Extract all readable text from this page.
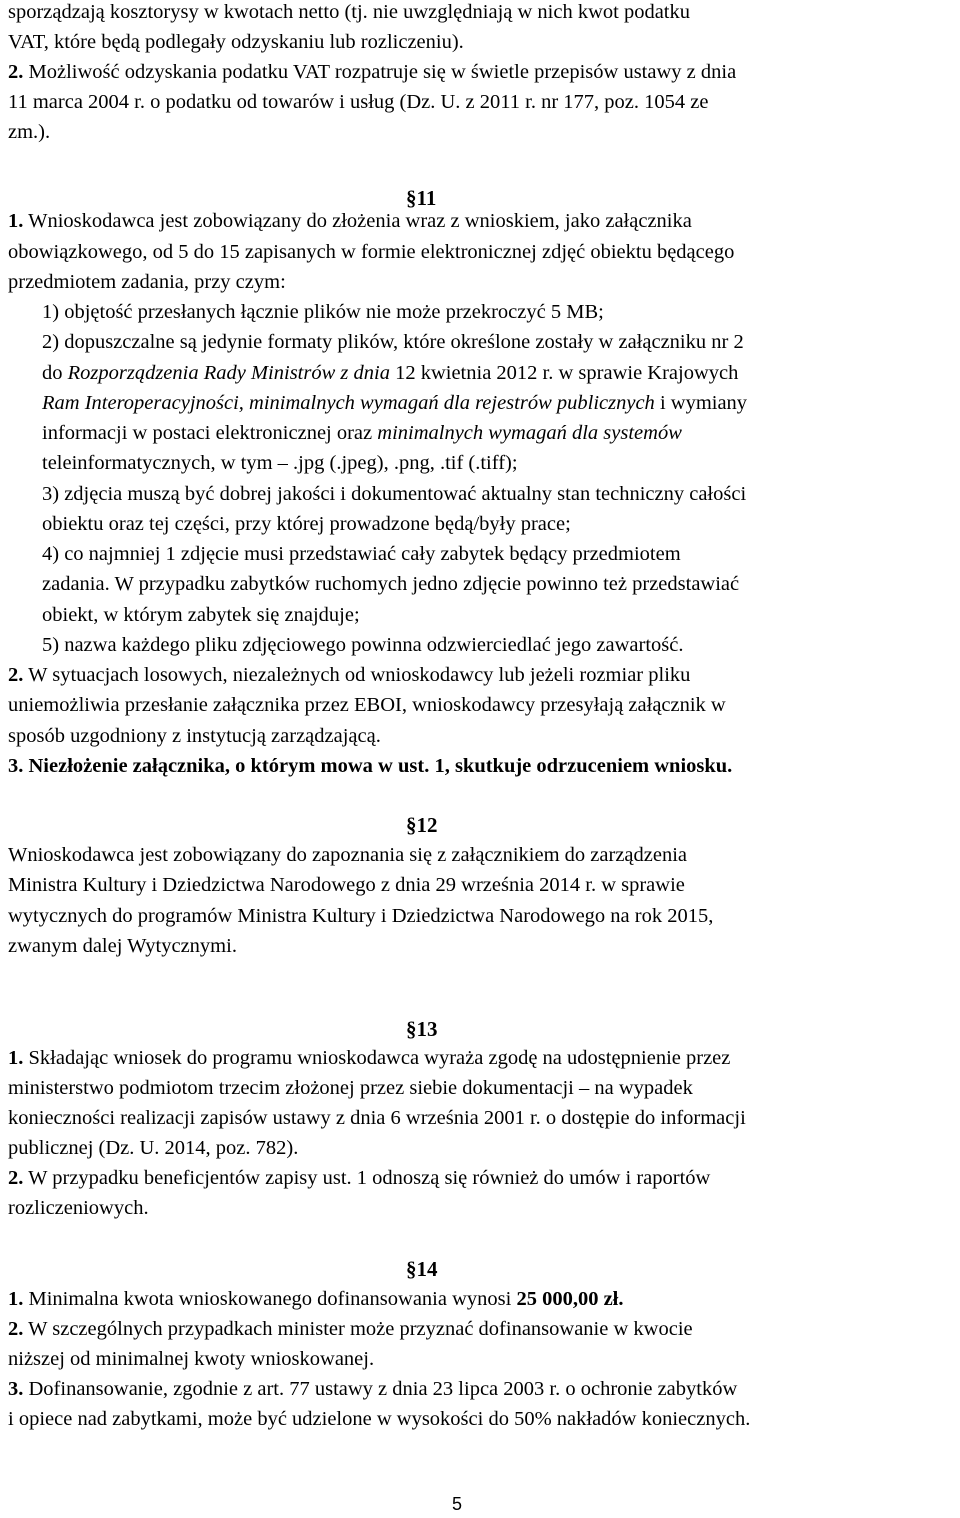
sporządzają kosztorysy w kwotach netto (tj. nie uwzględniają w nich kwot podatku
VAT, które będą podlegały odzyskaniu lub rozliczeniu).
2. Możliwość odzyskania podatku VAT rozpatruje się w świetle przepisów ustawy z dnia
11 marca 2004 r. o podatku od towarów i usług (Dz. U. z 2011 r. nr 177, poz. 1054 ze
zm.).
§11
1. Wnioskodawca jest zobowiązany do złożenia wraz z wnioskiem, jako załącznika
obowiązkowego, od 5 do 15 zapisanych w formie elektronicznej zdjęć obiektu będącego
przedmiotem zadania, przy czym:
1) objętość przesłanych łącznie plików nie może przekroczyć 5 MB;
2) dopuszczalne są jedynie formaty plików, które określone zostały w załączniku nr 2
do Rozporządzenia Rady Ministrów z dnia 12 kwietnia 2012 r. w sprawie Krajowych
Ram Interoperacyjności, minimalnych wymagań dla rejestrów publicznych i wymiany
informacji w postaci elektronicznej oraz minimalnych wymagań dla systemów
teleinformatycznych, w tym – .jpg (.jpeg), .png, .tif (.tiff);
3) zdjęcia muszą być dobrej jakości i dokumentować aktualny stan techniczny całości
obiektu oraz tej części, przy której prowadzone będą/były prace;
4) co najmniej 1 zdjęcie musi przedstawiać cały zabytek będący przedmiotem
zadania. W przypadku zabytków ruchomych jedno zdjęcie powinno też przedstawiać
obiekt, w którym zabytek się znajduje;
5) nazwa każdego pliku zdjęciowego powinna odzwierciedlać jego zawartość.
2. W sytuacjach losowych, niezależnych od wnioskodawcy lub jeżeli rozmiar pliku
uniemożliwia przesłanie załącznika przez EBOI, wnioskodawcy przesyłają załącznik w
sposób uzgodniony z instytucją zarządzającą.
3. Niezłożenie załącznika, o którym mowa w ust. 1, skutkuje odrzuceniem wniosku.
§12
Wnioskodawca jest zobowiązany do zapoznania się z załącznikiem do zarządzenia
Ministra Kultury i Dziedzictwa Narodowego z dnia 29 września 2014 r. w sprawie
wytycznych do programów Ministra Kultury i Dziedzictwa Narodowego na rok 2015,
zwanym dalej Wytycznymi.
§13
1. Składając wniosek do programu wnioskodawca wyraża zgodę na udostępnienie przez
ministerstwo podmiotom trzecim złożonej przez siebie dokumentacji – na wypadek
konieczności realizacji zapisów ustawy z dnia 6 września 2001 r. o dostępie do informacji
publicznej (Dz. U. 2014, poz. 782).
2. W przypadku beneficjentów zapisy ust. 1 odnoszą się również do umów i raportów
rozliczeniowych.
§14
1. Minimalna kwota wnioskowanego dofinansowania wynosi 25 000,00 zł.
2. W szczególnych przypadkach minister może przyznać dofinansowanie w kwocie
niższej od minimalnej kwoty wnioskowanej.
3. Dofinansowanie, zgodnie z art. 77 ustawy z dnia 23 lipca 2003 r. o ochronie zabytków
i opiece nad zabytkami, może być udzielone w wysokości do 50% nakładów koniecznych.
5
